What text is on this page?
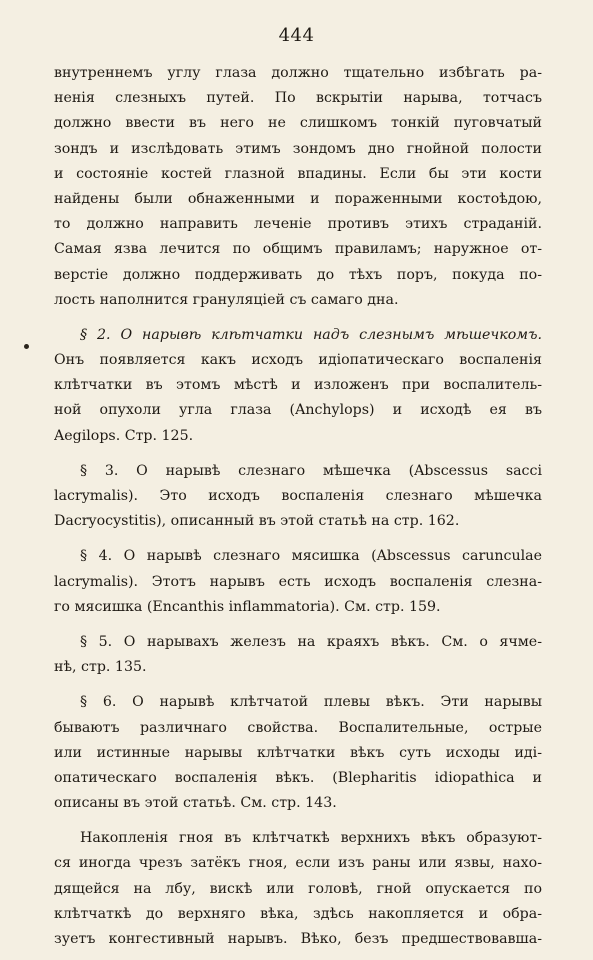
444
внутреннемъ углу глаза должно тщательно избѣгать ра-
ненія слезныхъ путей. По вскрытіи нарыва, тотчасъ
должно ввести въ него не слишкомъ тонкій пуговчатый
зондъ и изслѣдовать этимъ зондомъ дно гнойной полости
и состояніе костей глазной впадины. Если бы эти кости
найдены были обнаженными и пораженными костоѣдою,
то должно направить леченіе противъ этихъ страданій.
Самая язва лечится по общимъ правиламъ; наружное от-
верстіе должно поддерживать до тѣхъ поръ, покуда по-
лость наполнится грануляціей съ самаго дна.
§ 2. О нарывѣ клѣтчатки надъ слезнымъ мѣшечкомъ.
Онъ появляется какъ исходъ идіопатическаго воспаленія
клѣтчатки въ этомъ мѣстѣ и изложенъ при воспалитель-
ной опухоли угла глаза (Anchylops) и исходѣ ея въ
Aegilops. Стр. 125.
§ 3. О нарывѣ слезнаго мѣшечка (Abscessus sacci
lacrymalis). Это исходъ воспаленія слезнаго мѣшечка
Dacryocystitis), описанный въ этой статьѣ на стр. 162.
§ 4. О нарывѣ слезнаго мясишка (Abscessus carunculae
lacrymalis). Этотъ нарывъ есть исходъ воспаленія слезна-
го мясишка (Encanthis inflammatoria). См. стр. 159.
§ 5. О нарывахъ железъ на краяхъ вѣкъ. См. о ячме-
нѣ, стр. 135.
§ 6. О нарывѣ клѣтчатой плевы вѣкъ. Эти нарывы
бываютъ различнаго свойства. Воспалительные, острые
или истинные нарывы клѣтчатки вѣкъ суть исходы иді-
опатическаго воспаленія вѣкъ. (Blepharitis idiopathica и
описаны въ этой статьѣ. См. стр. 143.
Накопленія гноя въ клѣтчаткѣ верхнихъ вѣкъ образуют-
ся иногда чрезъ затёкъ гноя, если изъ раны или язвы, нахо-
дящейся на лбу, вискѣ или головѣ, гной опускается по
клѣтчаткѣ до верхняго вѣка, здѣсь накопляется и обра-
зуетъ конгестивный нарывъ. Вѣко, безъ предшествовавша-
